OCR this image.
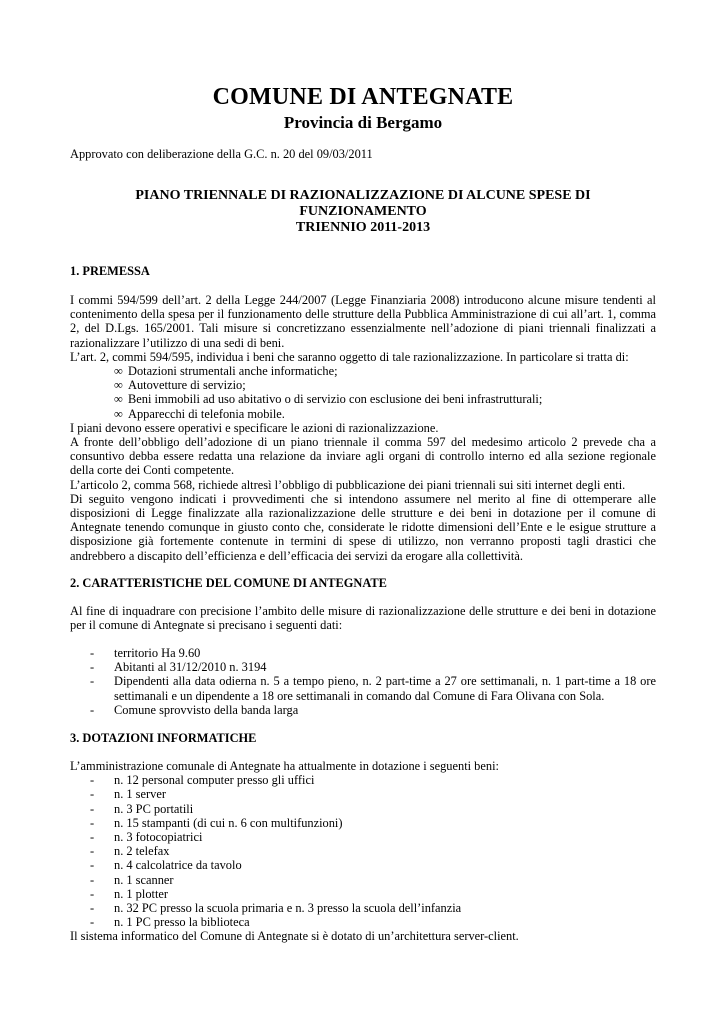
COMUNE DI ANTEGNATE
Provincia di Bergamo
Approvato con deliberazione della G.C. n. 20 del 09/03/2011
PIANO TRIENNALE DI RAZIONALIZZAZIONE DI ALCUNE SPESE DI
FUNZIONAMENTO
TRIENNIO 2011-2013
1. PREMESSA
I commi 594/599 dell’art. 2 della Legge 244/2007 (Legge Finanziaria 2008) introducono alcune misure tendenti al contenimento della spesa per il funzionamento delle strutture della Pubblica Amministrazione di cui all’art. 1, comma 2, del D.Lgs. 165/2001. Tali misure si concretizzano essenzialmente nell’adozione di piani triennali finalizzati a razionalizzare l’utilizzo di una sedi di beni.
L’art. 2, commi 594/595, individua i beni che saranno oggetto di tale razionalizzazione. In particolare si tratta di:
∞ Dotazioni strumentali anche informatiche;
∞ Autovetture di servizio;
∞ Beni immobili ad uso abitativo o di servizio con esclusione dei beni infrastrutturali;
∞ Apparecchi di telefonia mobile.
I piani devono essere operativi e specificare le azioni di razionalizzazione.
A fronte dell’obbligo dell’adozione di un piano triennale il comma 597 del medesimo articolo 2 prevede cha a consuntivo debba essere redatta una relazione da inviare agli organi di controllo interno ed alla sezione regionale della corte dei Conti competente.
L’articolo 2, comma 568, richiede altresì l’obbligo di pubblicazione dei piani triennali sui siti internet degli enti.
Di seguito vengono indicati i provvedimenti che si intendono assumere nel merito al fine di ottemperare alle disposizioni di Legge finalizzate alla razionalizzazione delle strutture e dei beni in dotazione per il comune di Antegnate tenendo comunque in giusto conto che, considerate le ridotte dimensioni dell’Ente e le esigue strutture a disposizione già fortemente contenute in termini di spese di utilizzo, non verranno proposti tagli drastici che andrebbero a discapito dell’efficienza e dell’efficacia dei servizi da erogare alla collettività.
2. CARATTERISTICHE DEL COMUNE DI ANTEGNATE
Al fine di inquadrare con precisione l’ambito delle misure di razionalizzazione delle strutture e dei beni in dotazione per il comune di Antegnate si precisano i seguenti dati:
- territorio Ha 9.60
- Abitanti al 31/12/2010 n. 3194
- Dipendenti alla data odierna n. 5 a tempo pieno, n. 2 part-time a 27 ore settimanali, n. 1 part-time a 18 ore settimanali e un dipendente a 18 ore settimanali in comando dal Comune di Fara Olivana con Sola.
- Comune sprovvisto della banda larga
3. DOTAZIONI INFORMATICHE
L’amministrazione comunale di Antegnate ha attualmente in dotazione i seguenti beni:
- n. 12 personal computer presso gli uffici
- n. 1 server
- n. 3 PC portatili
- n. 15 stampanti (di cui n. 6 con multifunzioni)
- n. 3 fotocopiatrici
- n. 2 telefax
- n. 4 calcolatrice da tavolo
- n. 1 scanner
- n. 1 plotter
- n. 32 PC presso la scuola primaria e n. 3 presso la scuola dell’infanzia
- n. 1 PC presso la biblioteca
Il sistema informatico del Comune di Antegnate si è dotato di un’architettura server-client.
